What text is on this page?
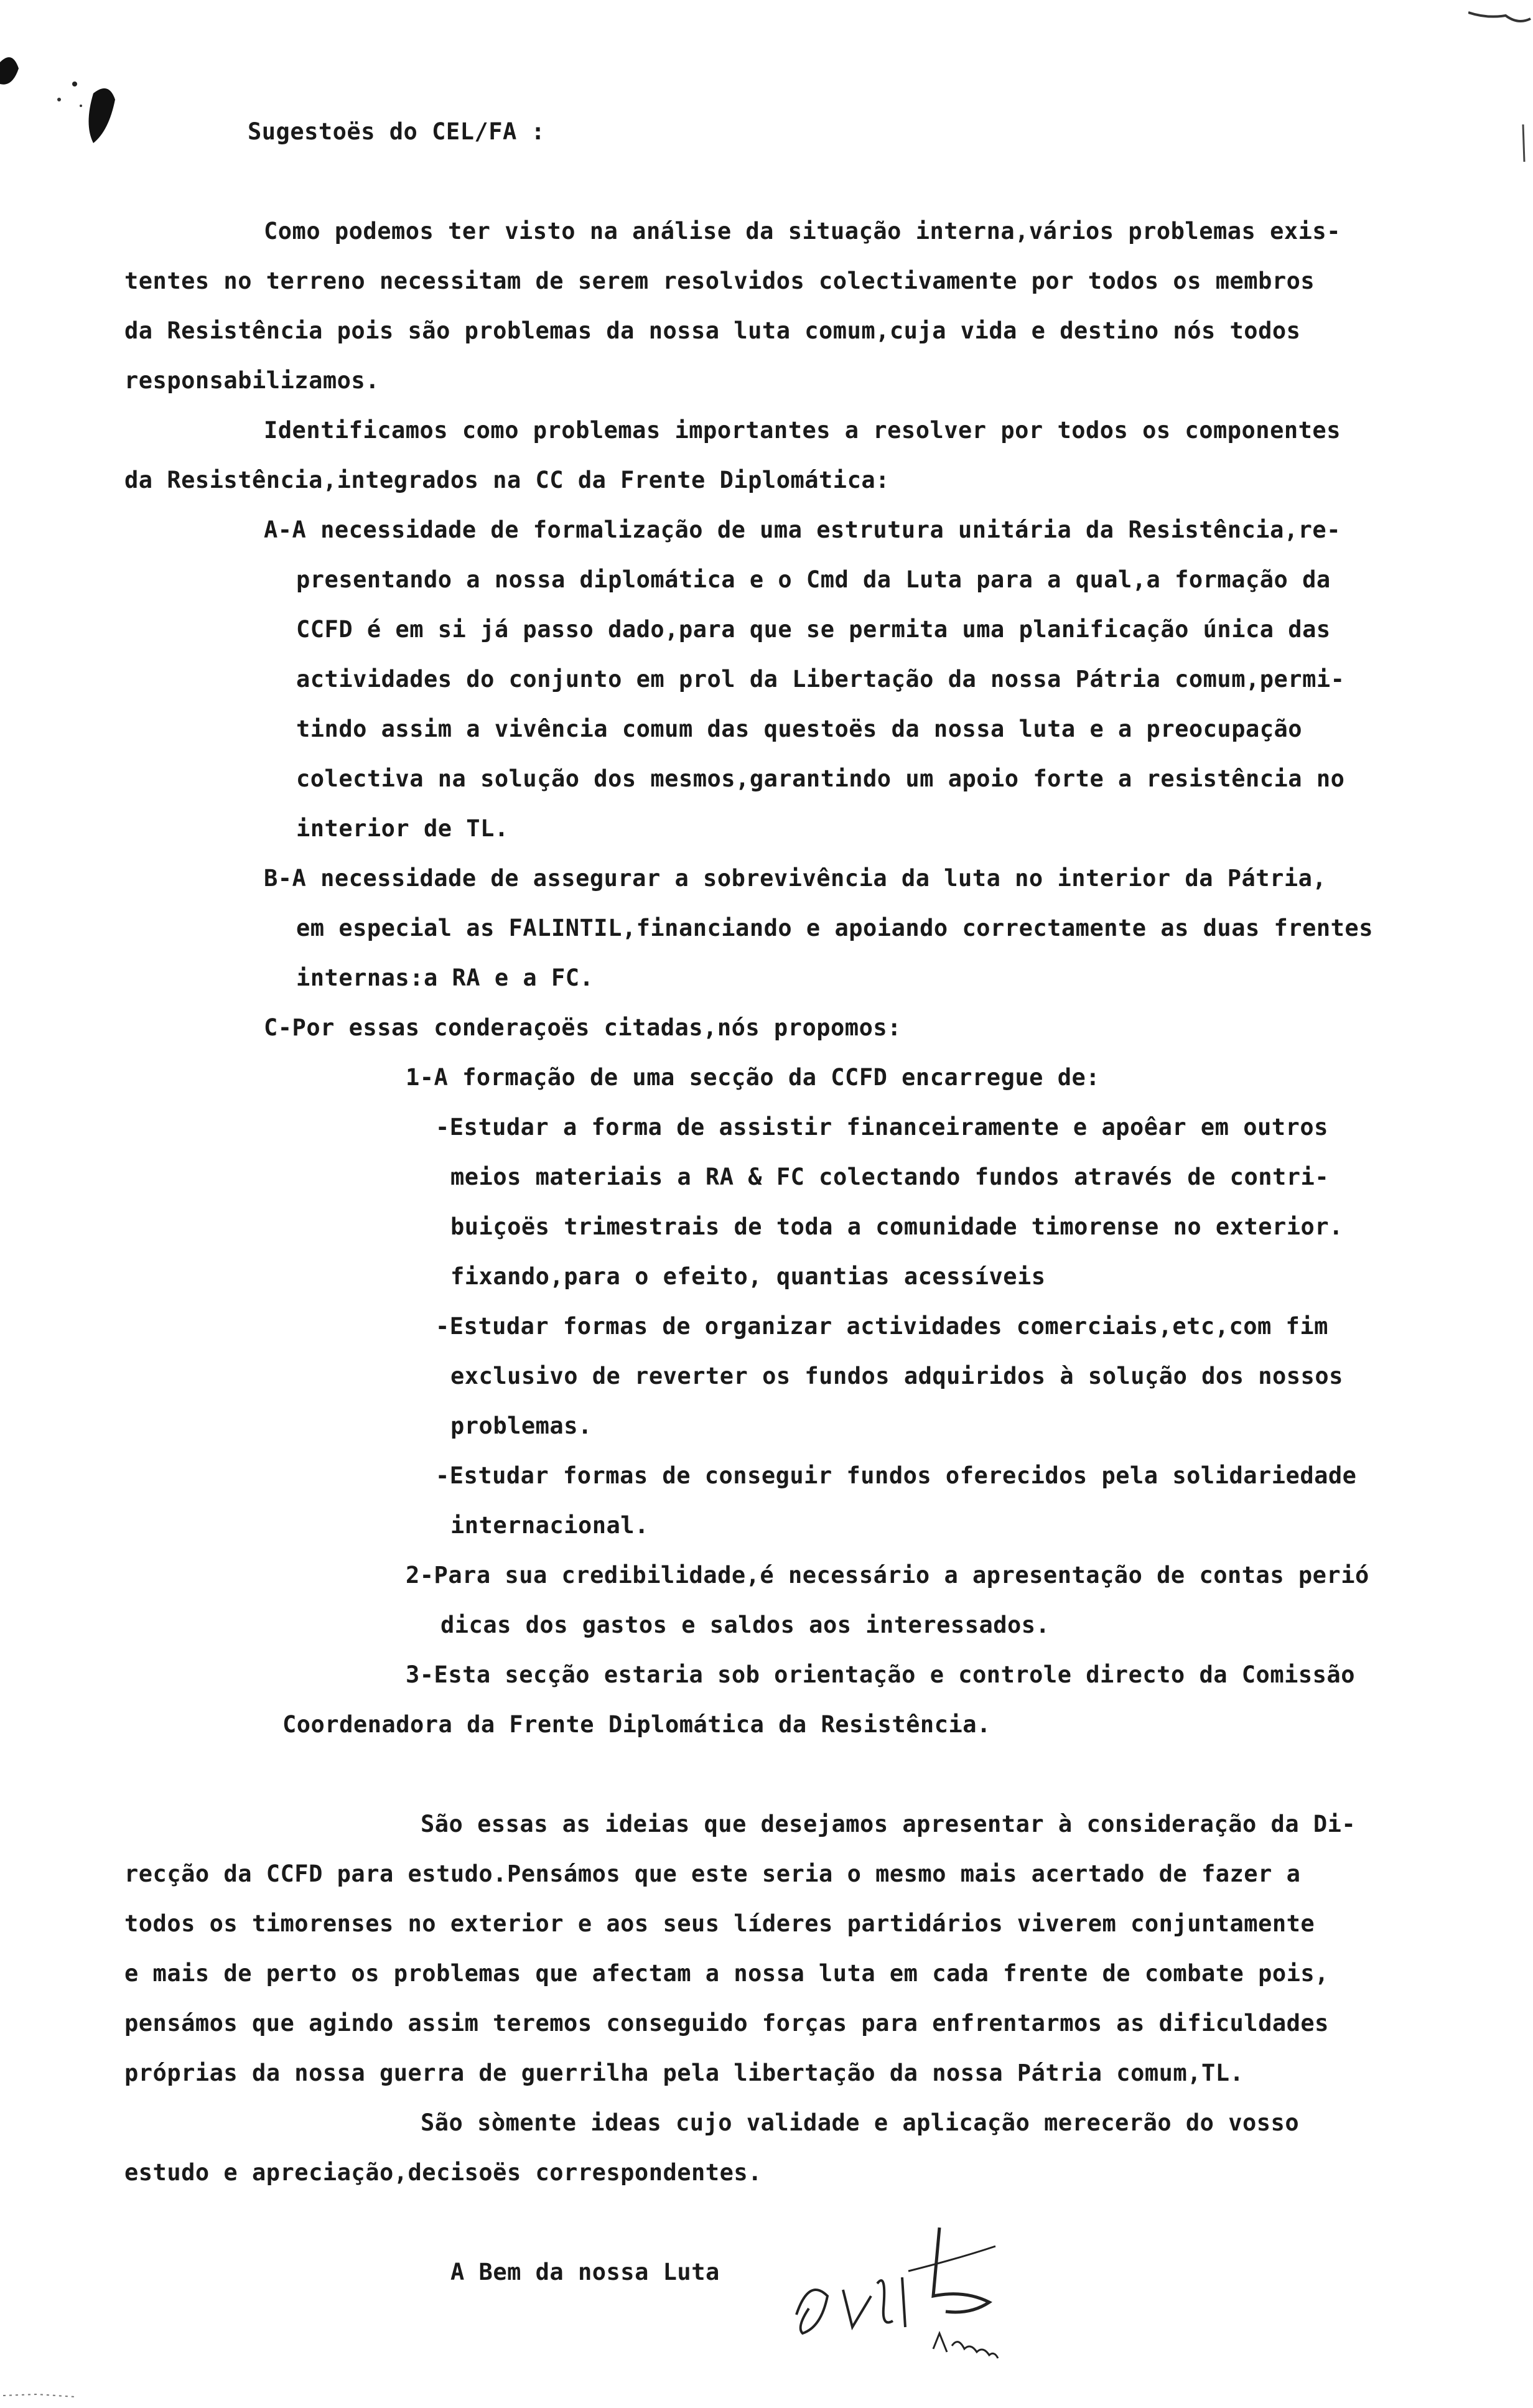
Sugestoës do CEL/FA :
Como podemos ter visto na análise da situação interna,vários problemas exis-
tentes no terreno necessitam de serem resolvidos colectivamente por todos os membros
da Resistência pois são problemas da nossa luta comum,cuja vida e destino nós todos
responsabilizamos.
Identificamos como problemas importantes a resolver por todos os componentes
da Resistência,integrados na CC da Frente Diplomática:
A-A necessidade de formalização de uma estrutura unitária da Resistência,re-
presentando a nossa diplomática e o Cmd da Luta para a qual,a formação da
CCFD é em si já passo dado,para que se permita uma planificação única das
actividades do conjunto em prol da Libertação da nossa Pátria comum,permi-
tindo assim a vivência comum das questoës da nossa luta e a preocupação
colectiva na solução dos mesmos,garantindo um apoio forte a resistência no
interior de TL.
B-A necessidade de assegurar a sobrevivência da luta no interior da Pátria,
em especial as FALINTIL,financiando e apoiando correctamente as duas frentes
internas:a RA e a FC.
C-Por essas conderaçoës citadas,nós propomos:
1-A formação de uma secção da CCFD encarregue de:
-Estudar a forma de assistir financeiramente e apoêar em outros
meios materiais a RA & FC colectando fundos através de contri-
buiçoës trimestrais de toda a comunidade timorense no exterior.
fixando,para o efeito, quantias acessíveis
-Estudar formas de organizar actividades comerciais,etc,com fim
exclusivo de reverter os fundos adquiridos à solução dos nossos
problemas.
-Estudar formas de conseguir fundos oferecidos pela solidariedade
internacional.
2-Para sua credibilidade,é necessário a apresentação de contas perió
dicas dos gastos e saldos aos interessados.
3-Esta secção estaria sob orientação e controle directo da Comissão
Coordenadora da Frente Diplomática da Resistência.
São essas as ideias que desejamos apresentar à consideração da Di-
recção da CCFD para estudo.Pensámos que este seria o mesmo mais acertado de fazer a
todos os timorenses no exterior e aos seus líderes partidários viverem conjuntamente
e mais de perto os problemas que afectam a nossa luta em cada frente de combate pois,
pensámos que agindo assim teremos conseguido forças para enfrentarmos as dificuldades
próprias da nossa guerra de guerrilha pela libertação da nossa Pátria comum,TL.
São sòmente ideas cujo validade e aplicação merecerão do vosso
estudo e apreciação,decisoës correspondentes.
A Bem da nossa Luta
